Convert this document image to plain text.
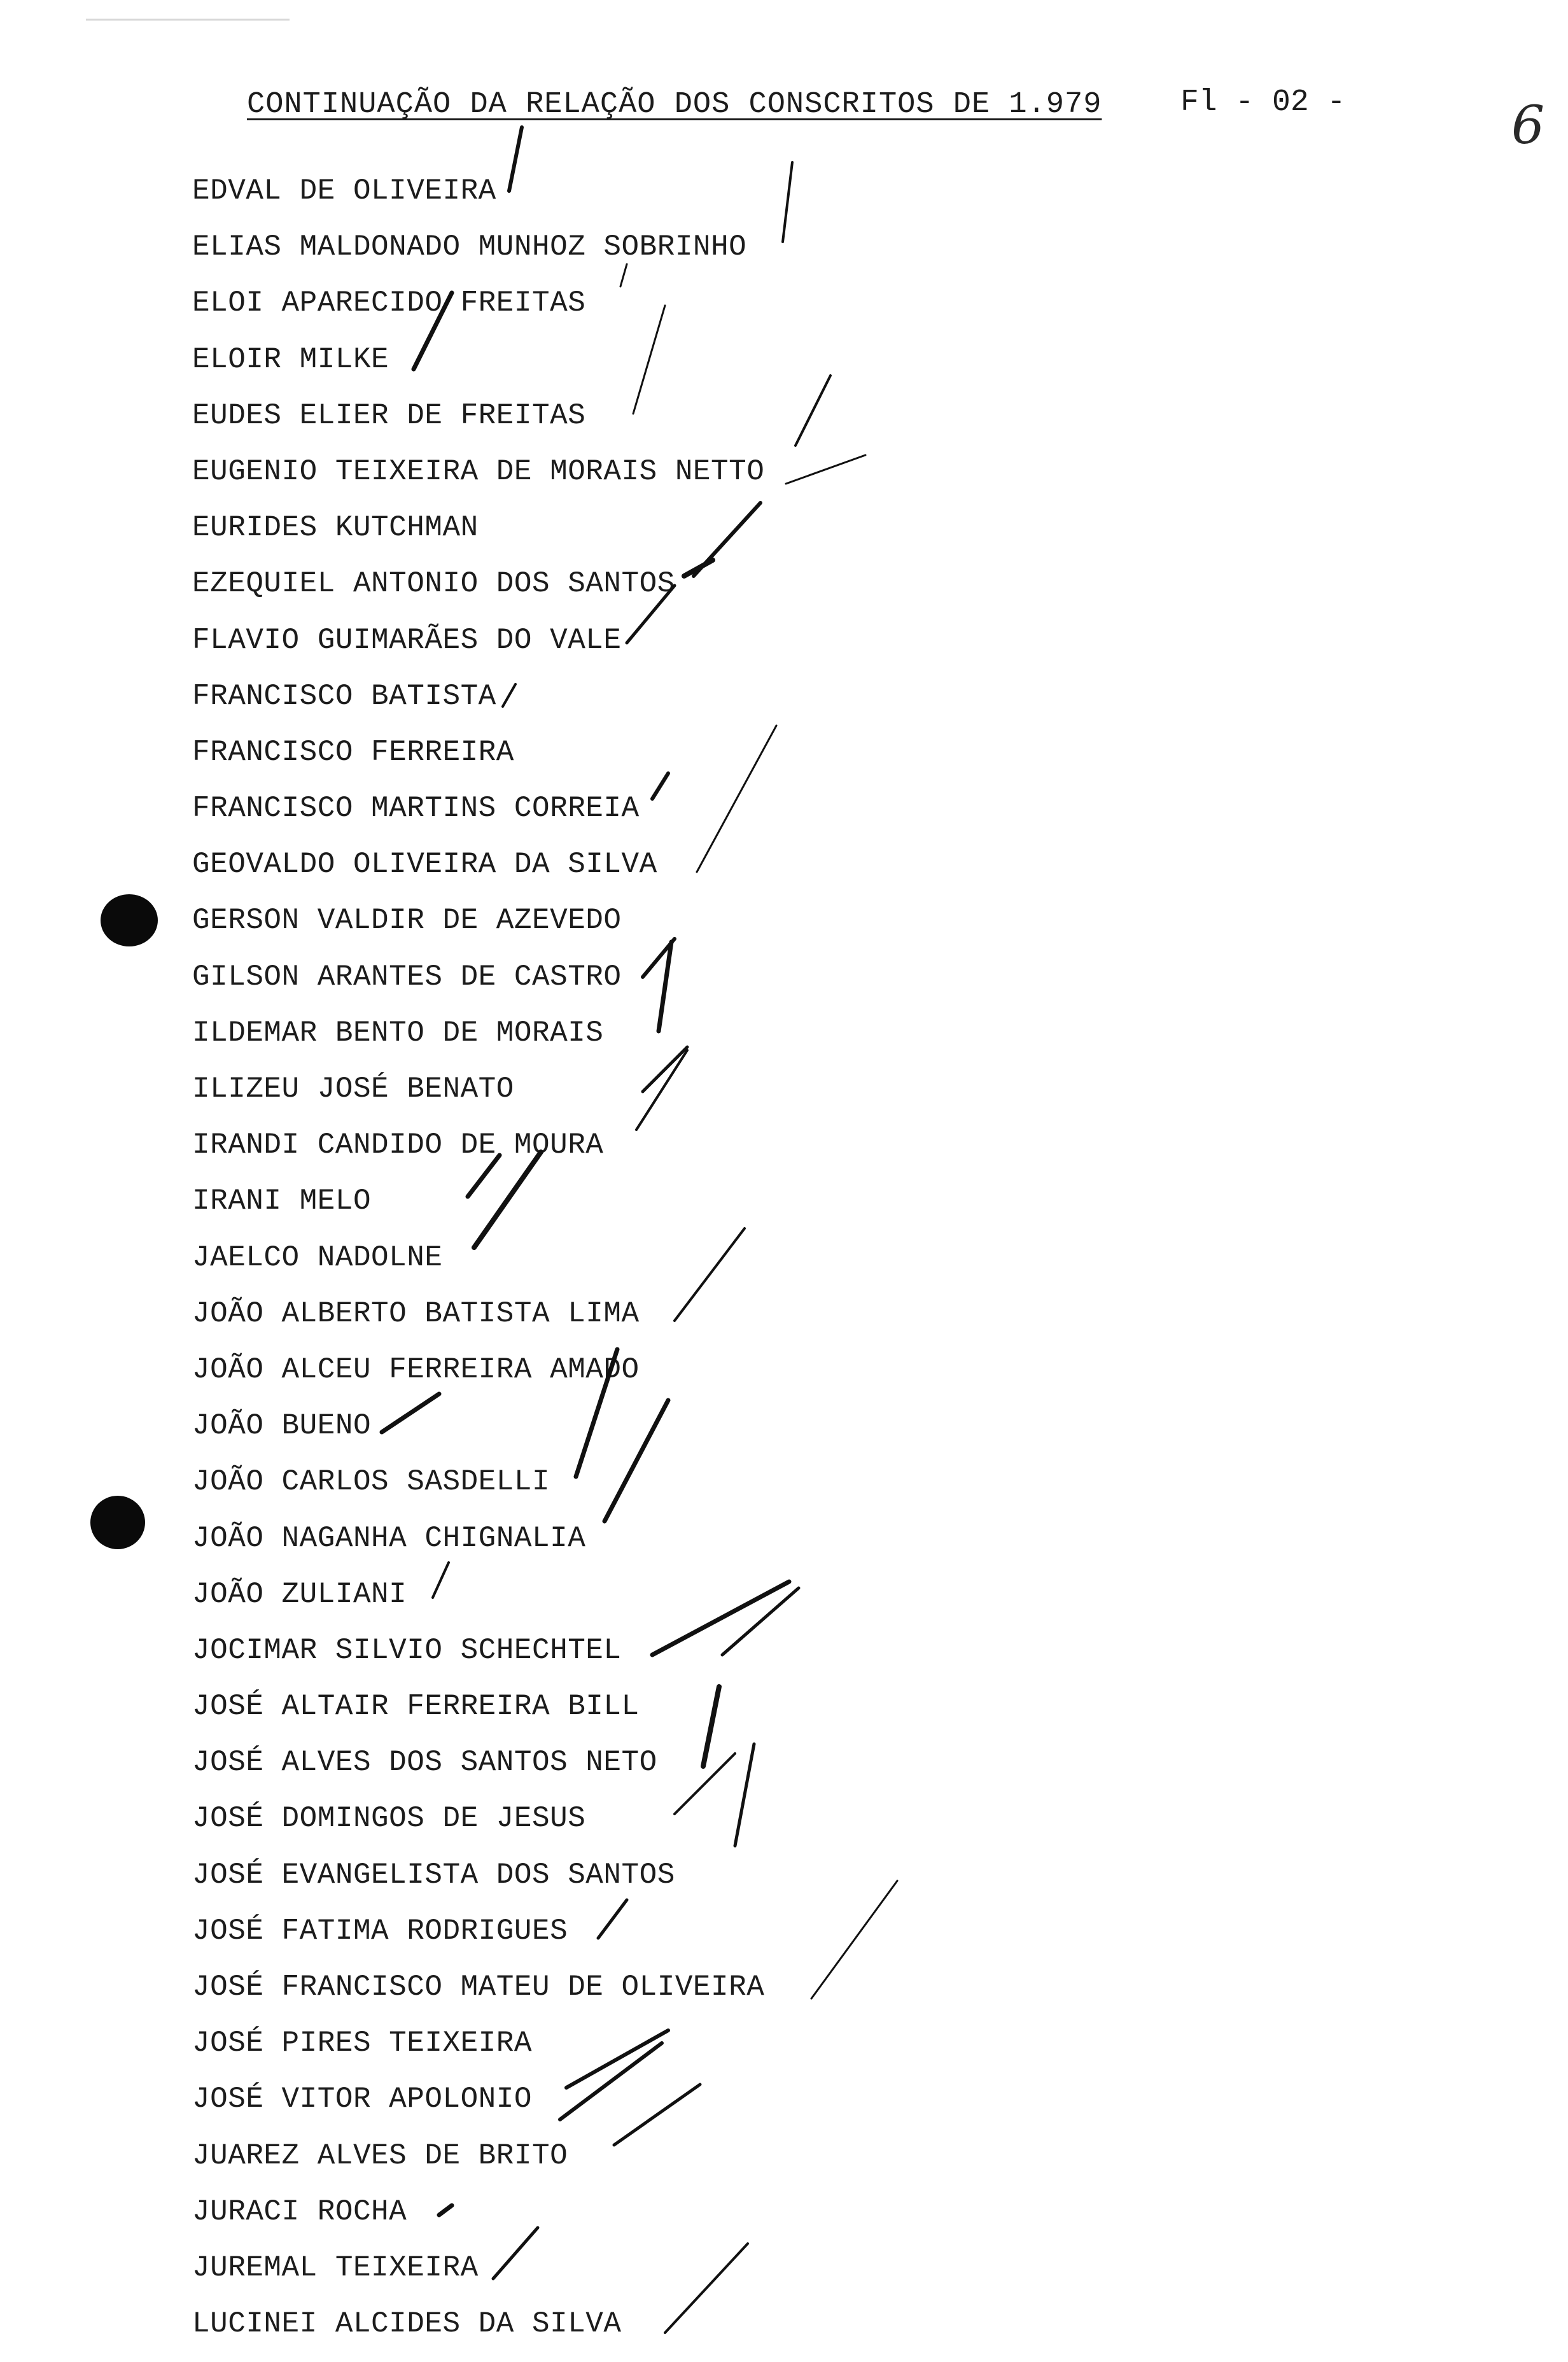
CONTINUAÇÃO DA RELAÇÃO DOS CONSCRITOS DE 1.979	Fl - 02 -	6
EDVAL DE OLIVEIRA
ELIAS MALDONADO MUNHOZ SOBRINHO
ELOI APARECIDO FREITAS
ELOIR MILKE
EUDES ELIER DE FREITAS
EUGENIO TEIXEIRA DE MORAIS NETTO
EURIDES KUTCHMAN
EZEQUIEL ANTONIO DOS SANTOS
FLAVIO GUIMARÃES DO VALE
FRANCISCO BATISTA
FRANCISCO FERREIRA
FRANCISCO MARTINS CORREIA
GEOVALDO OLIVEIRA DA SILVA
GERSON VALDIR DE AZEVEDO
GILSON ARANTES DE CASTRO
ILDEMAR BENTO DE MORAIS
ILIZEU JOSÉ BENATO
IRANDI CANDIDO DE MOURA
IRANI MELO
JAELCO NADOLNE
JOÃO ALBERTO BATISTA LIMA
JOÃO ALCEU FERREIRA AMADO
JOÃO BUENO
JOÃO CARLOS SASDELLI
JOÃO NAGANHA CHIGNALIA
JOÃO ZULIANI
JOCIMAR SILVIO SCHECHTEL
JOSÉ ALTAIR FERREIRA BILL
JOSÉ ALVES DOS SANTOS NETO
JOSÉ DOMINGOS DE JESUS
JOSÉ EVANGELISTA DOS SANTOS
JOSÉ FATIMA RODRIGUES
JOSÉ FRANCISCO MATEU DE OLIVEIRA
JOSÉ PIRES TEIXEIRA
JOSÉ VITOR APOLONIO
JUAREZ ALVES DE BRITO
JURACI ROCHA
JUREMAL TEIXEIRA
LUCINEI ALCIDES DA SILVA
